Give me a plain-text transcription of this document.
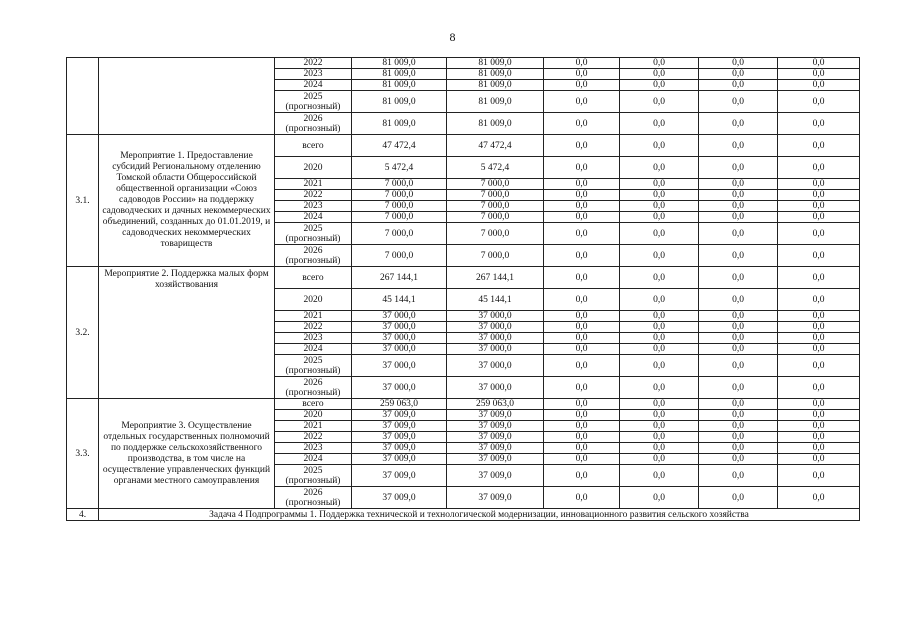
8
		2022	81 009,0	81 009,0	0,0	0,0	0,0	0,0
		2023	81 009,0	81 009,0	0,0	0,0	0,0	0,0
		2024	81 009,0	81 009,0	0,0	0,0	0,0	0,0
		2025 (прогнозный)	81 009,0	81 009,0	0,0	0,0	0,0	0,0
		2026 (прогнозный)	81 009,0	81 009,0	0,0	0,0	0,0	0,0
3.1.	Мероприятие 1. Предоставление субсидий Региональному отделению Томской области Общероссийской общественной организации «Союз садоводов России» на поддержку садоводческих и дачных некоммерческих объединений, созданных до 01.01.2019, и садоводческих некоммерческих товариществ	всего	47 472,4	47 472,4	0,0	0,0	0,0	0,0
		2020	5 472,4	5 472,4	0,0	0,0	0,0	0,0
		2021	7 000,0	7 000,0	0,0	0,0	0,0	0,0
		2022	7 000,0	7 000,0	0,0	0,0	0,0	0,0
		2023	7 000,0	7 000,0	0,0	0,0	0,0	0,0
		2024	7 000,0	7 000,0	0,0	0,0	0,0	0,0
		2025 (прогнозный)	7 000,0	7 000,0	0,0	0,0	0,0	0,0
		2026 (прогнозный)	7 000,0	7 000,0	0,0	0,0	0,0	0,0
3.2.	Мероприятие 2. Поддержка малых форм хозяйствования	всего	267 144,1	267 144,1	0,0	0,0	0,0	0,0
		2020	45 144,1	45 144,1	0,0	0,0	0,0	0,0
		2021	37 000,0	37 000,0	0,0	0,0	0,0	0,0
		2022	37 000,0	37 000,0	0,0	0,0	0,0	0,0
		2023	37 000,0	37 000,0	0,0	0,0	0,0	0,0
		2024	37 000,0	37 000,0	0,0	0,0	0,0	0,0
		2025 (прогнозный)	37 000,0	37 000,0	0,0	0,0	0,0	0,0
		2026 (прогнозный)	37 000,0	37 000,0	0,0	0,0	0,0	0,0
3.3.	Мероприятие 3. Осуществление отдельных государственных полномочий по поддержке сельскохозяйственного производства, в том числе на осуществление управленческих функций органами местного самоуправления	всего	259 063,0	259 063,0	0,0	0,0	0,0	0,0
		2020	37 009,0	37 009,0	0,0	0,0	0,0	0,0
		2021	37 009,0	37 009,0	0,0	0,0	0,0	0,0
		2022	37 009,0	37 009,0	0,0	0,0	0,0	0,0
		2023	37 009,0	37 009,0	0,0	0,0	0,0	0,0
		2024	37 009,0	37 009,0	0,0	0,0	0,0	0,0
		2025 (прогнозный)	37 009,0	37 009,0	0,0	0,0	0,0	0,0
		2026 (прогнозный)	37 009,0	37 009,0	0,0	0,0	0,0	0,0
4.	Задача 4 Подпрограммы 1. Поддержка технической и технологической модернизации, инновационного развития сельского хозяйства							
